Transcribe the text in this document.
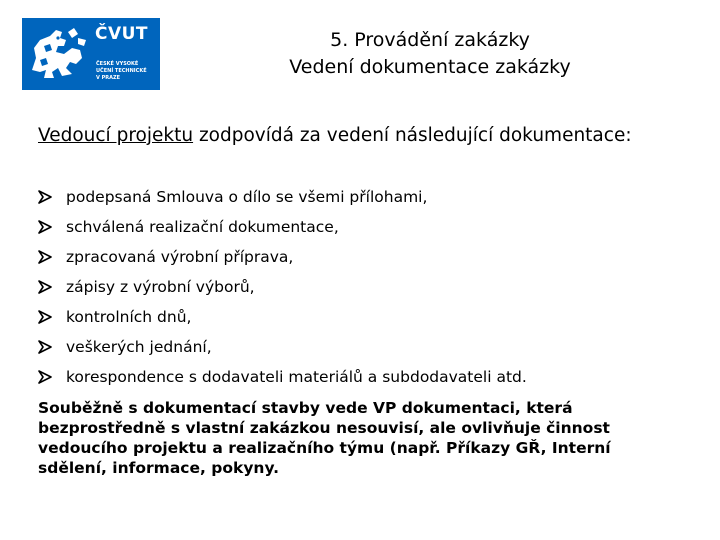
ČVUT
ČESKÉ VYSOKÉ
UČENÍ TECHNICKÉ
V PRAZE
5. Provádění zakázky
Vedení dokumentace zakázky

Vedoucí projektu zodpovídá za vedení následující dokumentace:

podepsaná Smlouva o dílo se všemi přílohami,
schválená realizační dokumentace,
zpracovaná výrobní příprava,
zápisy z výrobní výborů,
kontrolních dnů,
veškerých jednání,
korespondence s dodavateli materiálů a subdodavateli atd.
Souběžně s dokumentací stavby vede VP dokumentaci, která
bezprostředně s vlastní zakázkou nesouvisí, ale ovlivňuje činnost
vedoucího projektu a realizačního týmu (např. Příkazy GŘ, Interní
sdělení, informace, pokyny.
